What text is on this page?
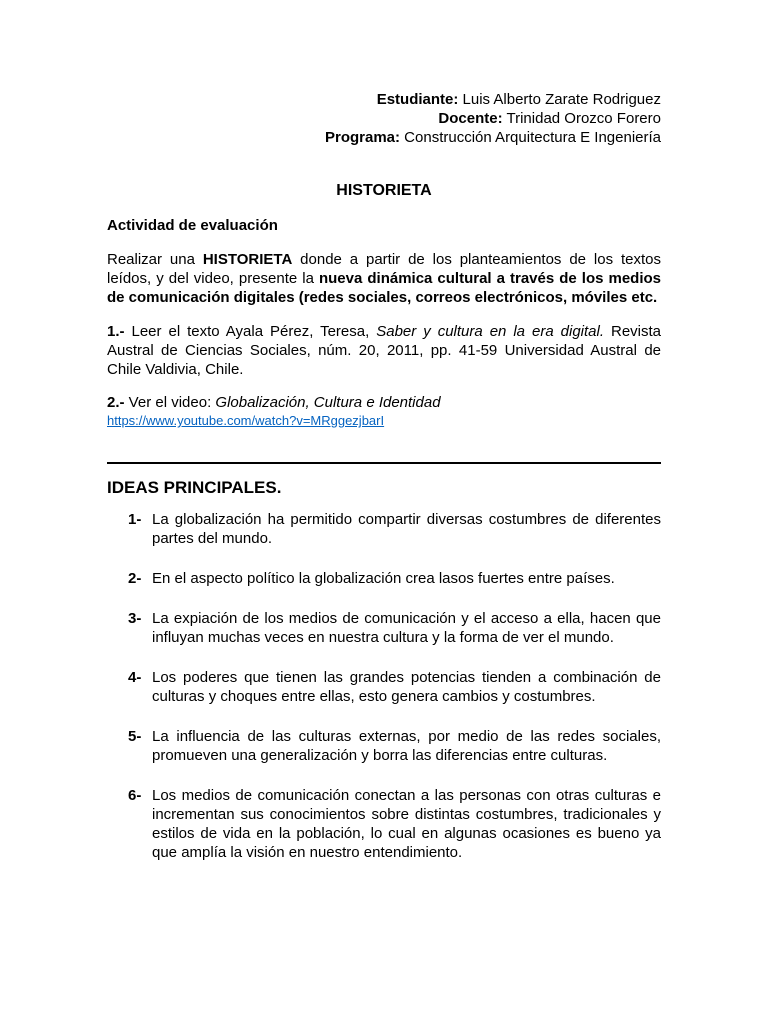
Estudiante: Luis Alberto Zarate Rodriguez
Docente: Trinidad Orozco Forero
Programa: Construcción Arquitectura E Ingeniería
HISTORIETA
Actividad de evaluación
Realizar una HISTORIETA donde a partir de los planteamientos de los textos leídos, y del video, presente la nueva dinámica cultural a través de los medios de comunicación digitales (redes sociales, correos electrónicos, móviles etc.
1.- Leer el texto Ayala Pérez, Teresa, Saber y cultura en la era digital. Revista Austral de Ciencias Sociales, núm. 20, 2011, pp. 41-59 Universidad Austral de Chile Valdivia, Chile.
2.- Ver el video: Globalización, Cultura e Identidad
https://www.youtube.com/watch?v=MRggezjbarI
IDEAS PRINCIPALES.
1- La globalización ha permitido compartir diversas costumbres de diferentes partes del mundo.
2- En el aspecto político la globalización crea lasos fuertes entre países.
3- La expiación de los medios de comunicación y el acceso a ella, hacen que influyan muchas veces en nuestra cultura y la forma de ver el mundo.
4- Los poderes que tienen las grandes potencias tienden a combinación de culturas y choques entre ellas, esto genera cambios y costumbres.
5- La influencia de las culturas externas, por medio de las redes sociales, promueven una generalización y borra las diferencias entre culturas.
6- Los medios de comunicación conectan a las personas con otras culturas e incrementan sus conocimientos sobre distintas costumbres, tradicionales y estilos de vida en la población, lo cual en algunas ocasiones es bueno ya que amplía la visión en nuestro entendimiento.
